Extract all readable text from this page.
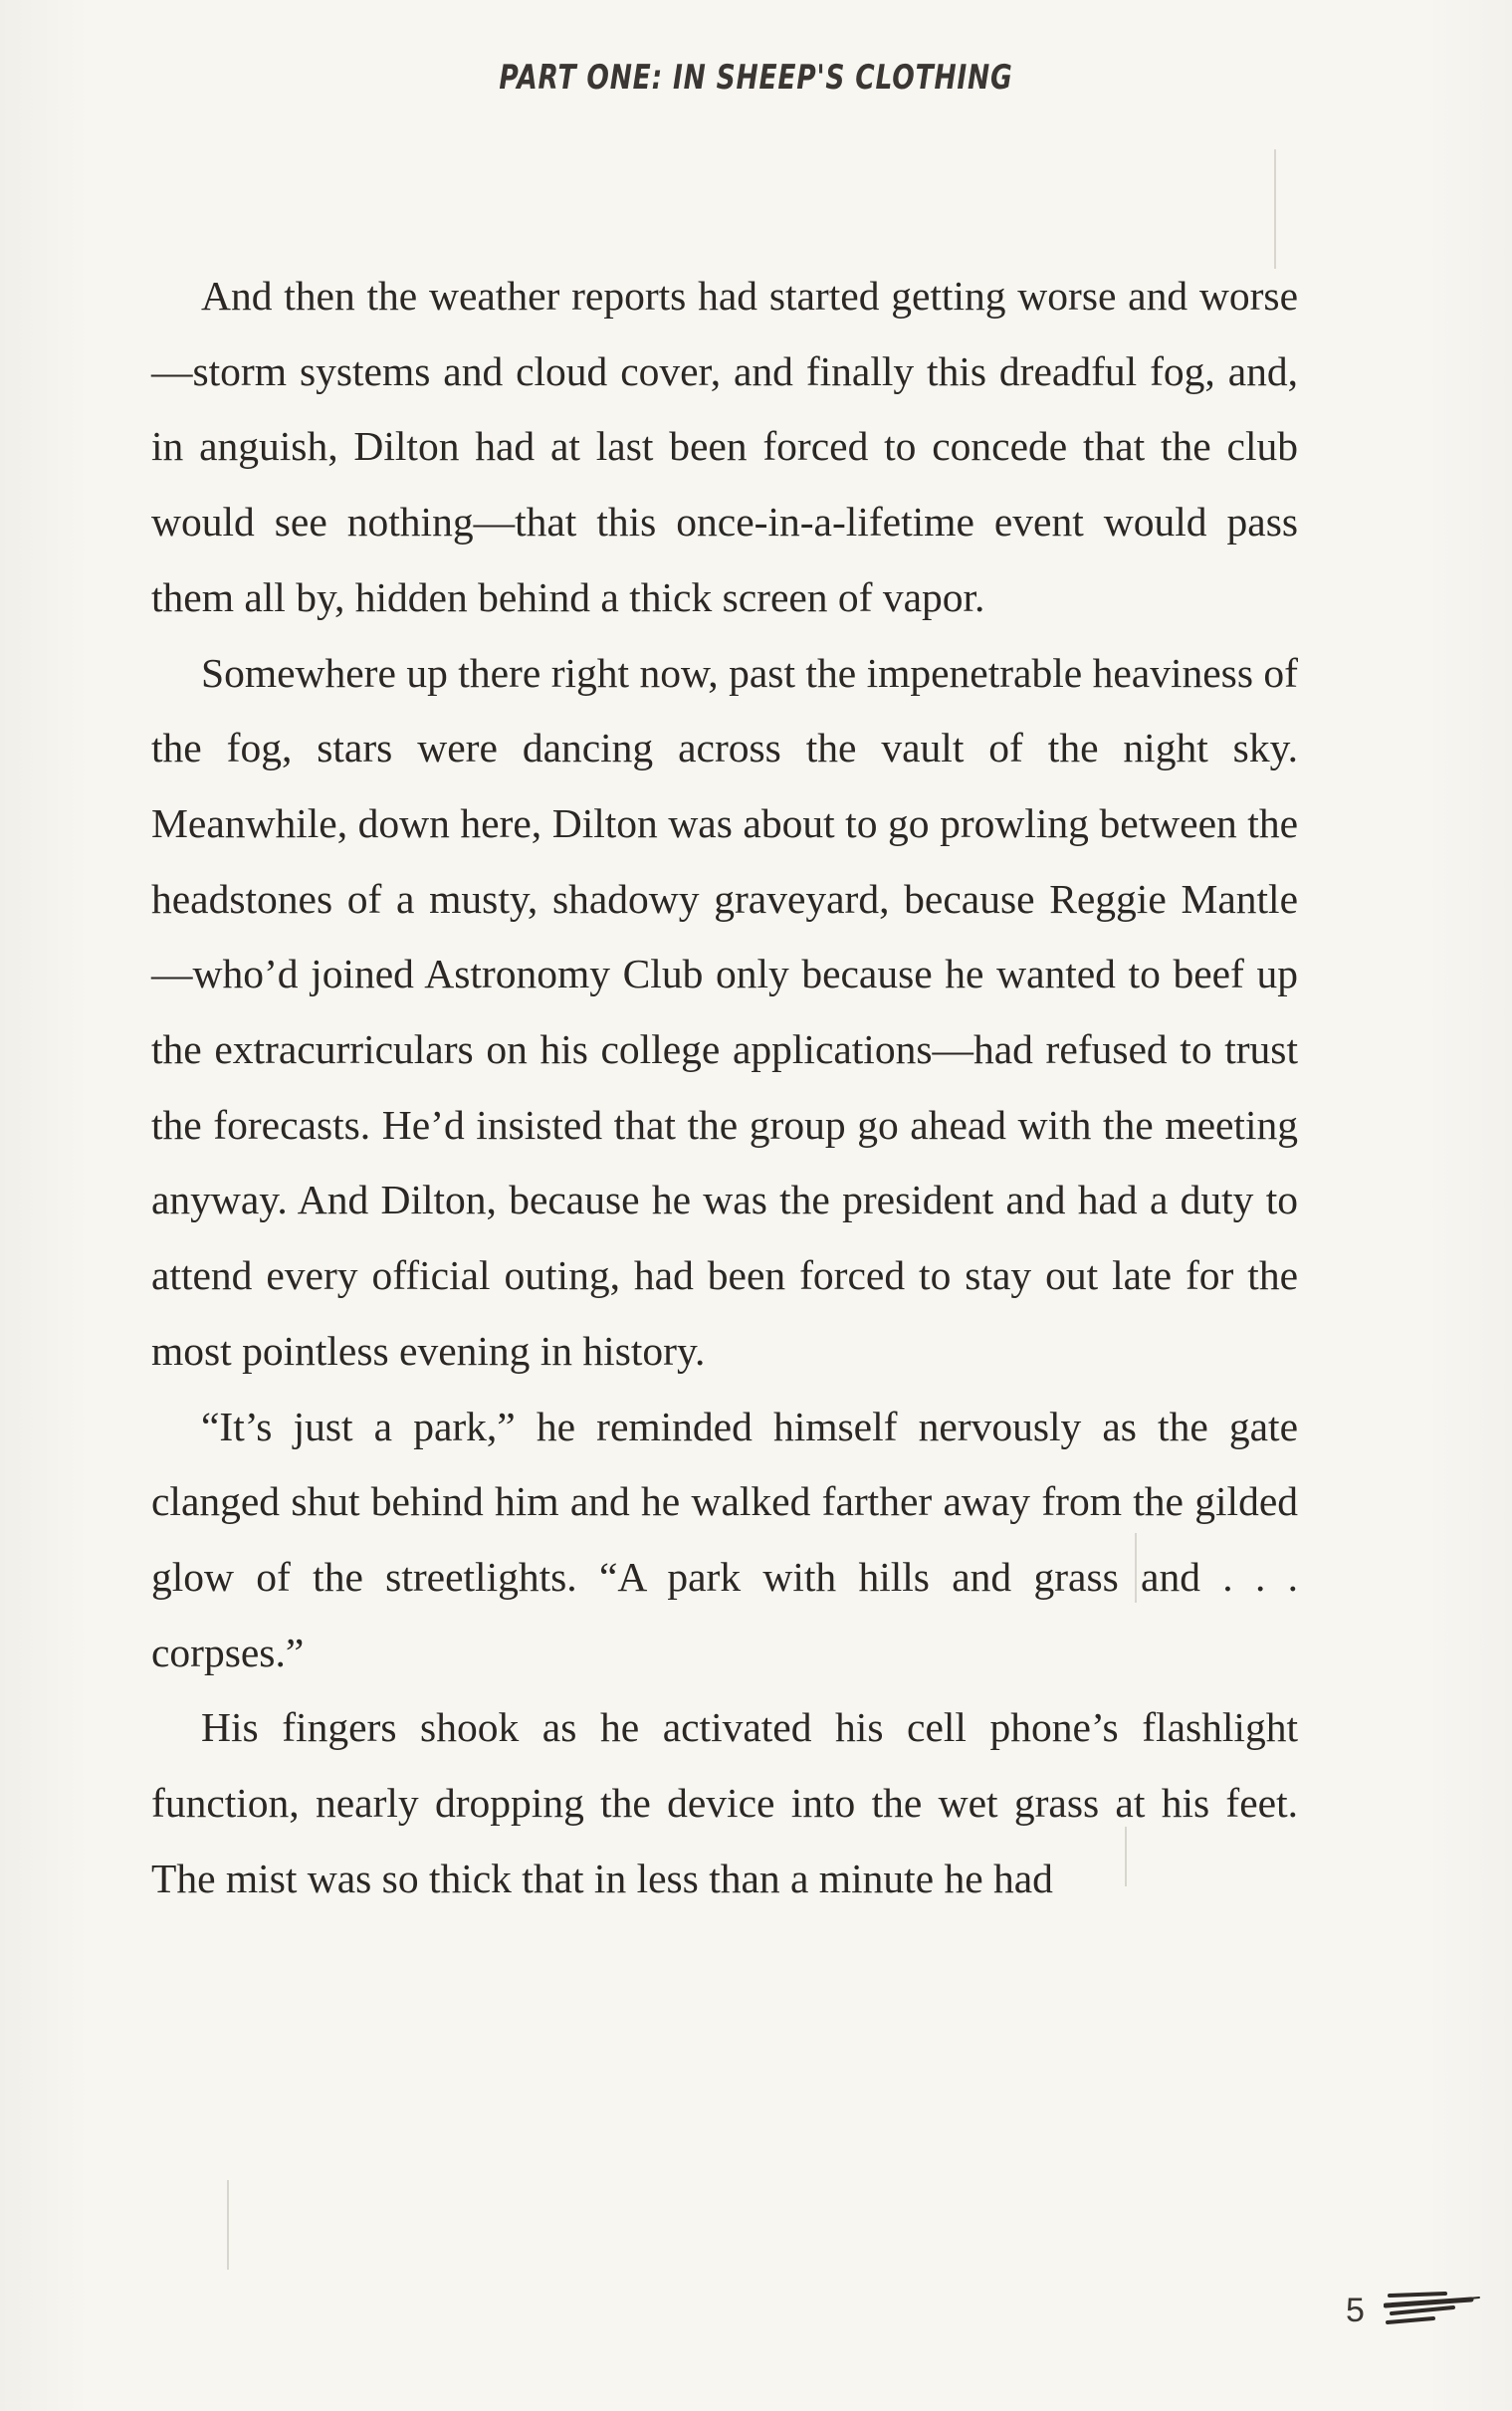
PART ONE: IN SHEEP'S CLOTHING

And then the weather reports had started getting worse and worse—storm systems and cloud cover, and finally this dreadful fog, and, in anguish, Dilton had at last been forced to concede that the club would see nothing—that this once-in-a-lifetime event would pass them all by, hidden behind a thick screen of vapor.

Somewhere up there right now, past the impenetrable heaviness of the fog, stars were dancing across the vault of the night sky. Meanwhile, down here, Dilton was about to go prowling between the headstones of a musty, shadowy graveyard, because Reggie Mantle—who’d joined Astronomy Club only because he wanted to beef up the extracurriculars on his college applications—had refused to trust the forecasts. He’d insisted that the group go ahead with the meeting anyway. And Dilton, because he was the president and had a duty to attend every official outing, had been forced to stay out late for the most pointless evening in history.

“It’s just a park,” he reminded himself nervously as the gate clanged shut behind him and he walked farther away from the gilded glow of the streetlights. “A park with hills and grass and . . . corpses.”

His fingers shook as he activated his cell phone’s flashlight function, nearly dropping the device into the wet grass at his feet. The mist was so thick that in less than a minute he had

5
